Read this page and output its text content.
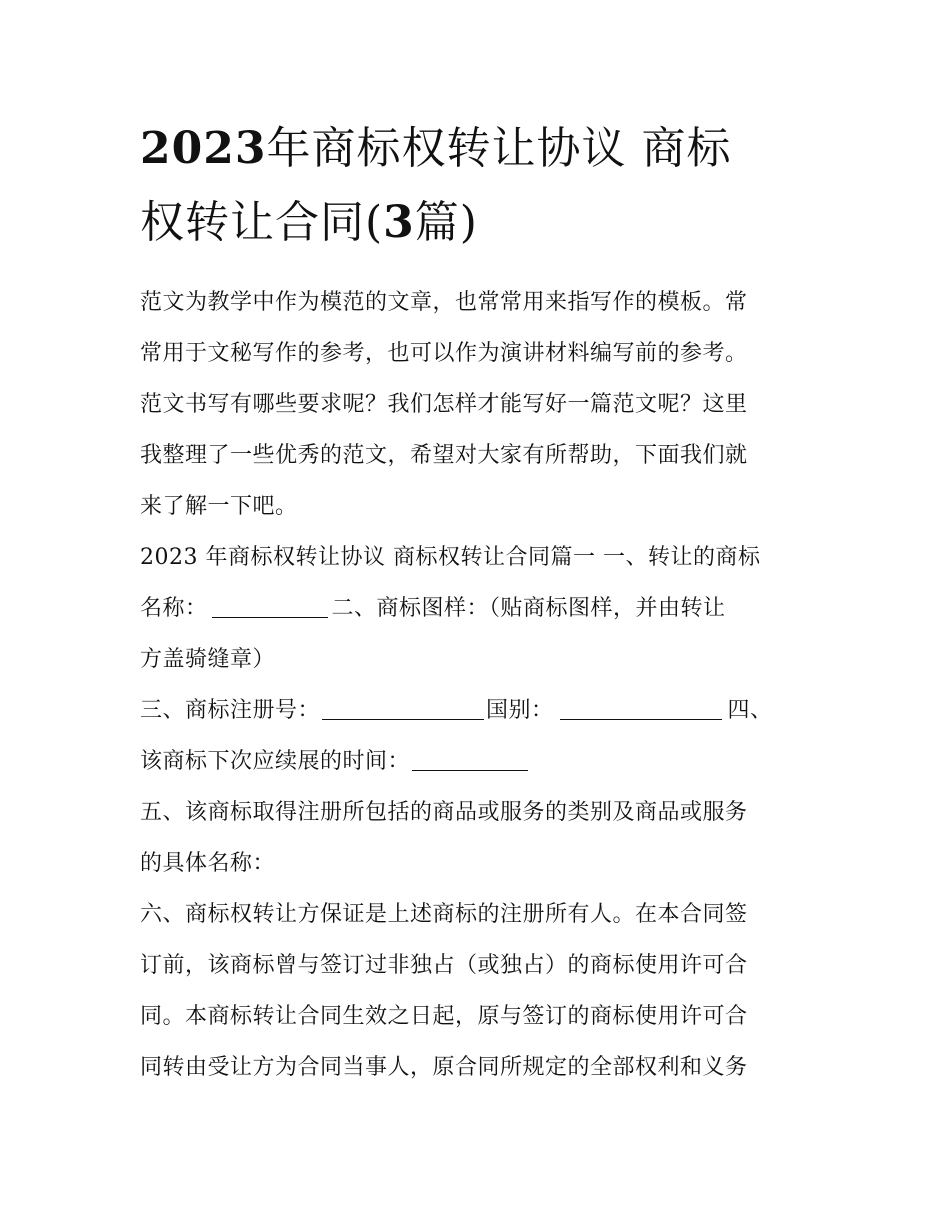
2023年商标权转让协议 商标
权转让合同(3篇)
范文为教学中作为模范的文章，也常常用来指写作的模板。常
常用于文秘写作的参考，也可以作为演讲材料编写前的参考。
范文书写有哪些要求呢？我们怎样才能写好一篇范文呢？这里
我整理了一些优秀的范文，希望对大家有所帮助，下面我们就
来了解一下吧。
2023 年商标权转让协议 商标权转让合同篇一 一、转让的商标
名称：	二、商标图样：（贴商标图样，并由转让
方盖骑缝章）
三、商标注册号：	国别：	四、
该商标下次应续展的时间：
五、该商标取得注册所包括的商品或服务的类别及商品或服务
的具体名称：
六、商标权转让方保证是上述商标的注册所有人。在本合同签
订前，该商标曾与签订过非独占（或独占）的商标使用许可合
同。本商标转让合同生效之日起，原与签订的商标使用许可合
同转由受让方为合同当事人，原合同所规定的全部权利和义务
